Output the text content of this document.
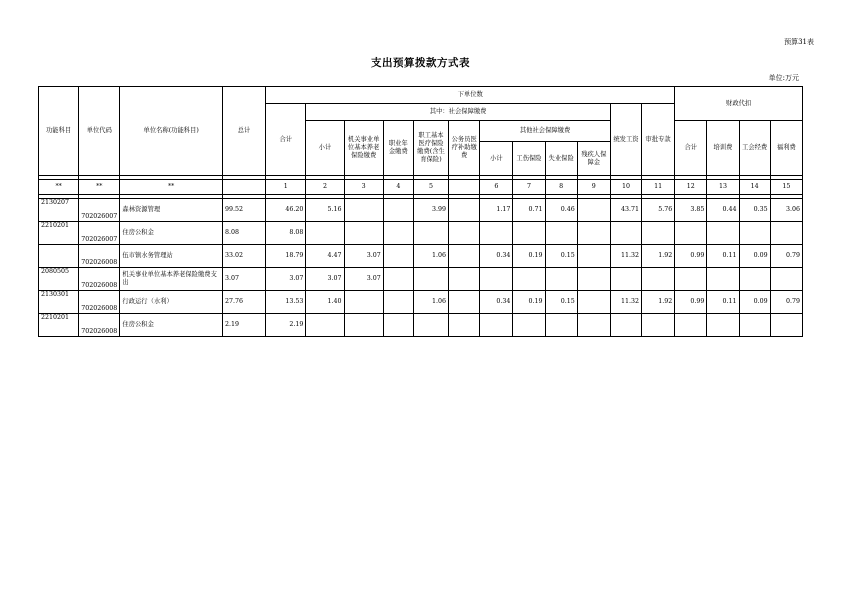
预算31表
支出预算拨款方式表
单位:万元
功能科目	单位代码	单位名称(功能科目)	总计	下单位数												财政代扣			
				合计	其中：社会保障缴费									统发工资	审批专款				
					小计	机关事业单位基本养老保险缴费	职业年金缴费	职工基本医疗保险缴费(含生育保险)	公务员医疗补助缴费	其他社会保障缴费						合计	培训费	工会经费	福利费
										小计	工伤保险	失业保险	残疾人保障金						

**	**	**		1	2	3	4	5		6	7	8	9	10	11	12	13	14	15

2130207	702026007	森林资源管理	99.52	46.20	5.16			3.99		1.17	0.71	0.46		43.71	5.76	3.85	0.44	0.35	3.06
2210201	702026007	住房公积金	8.08	8.08															
	702026008	伍市镇水务管理站	33.02	18.79	4.47	3.07		1.06		0.34	0.19	0.15		11.32	1.92	0.99	0.11	0.09	0.79
2080505	702026008	机关事业单位基本养老保险缴费支出	3.07	3.07	3.07	3.07													
2130301	702026008	行政运行（水利）	27.76	13.53	1.40			1.06		0.34	0.19	0.15		11.32	1.92	0.99	0.11	0.09	0.79
2210201	702026008	住房公积金	2.19	2.19															
